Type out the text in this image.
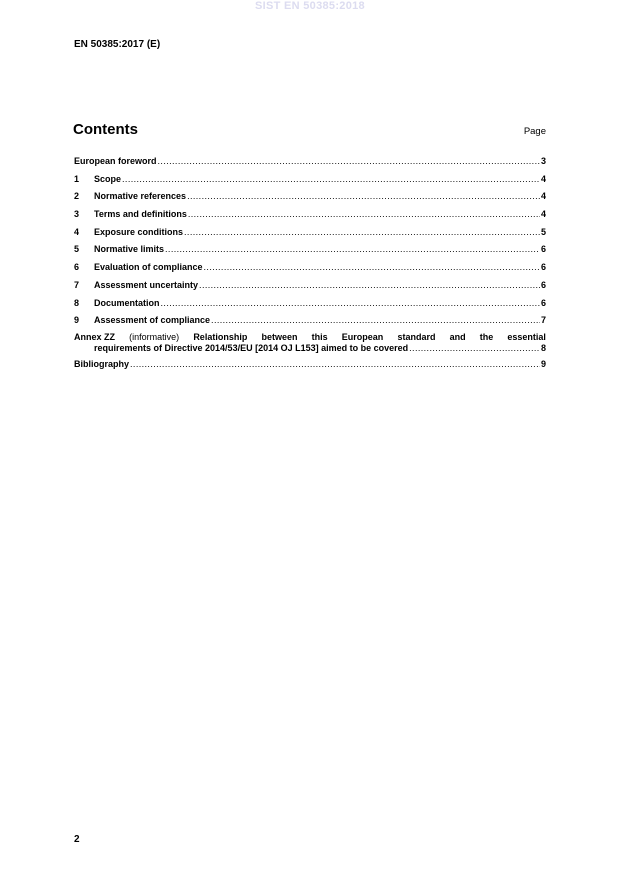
SIST EN 50385:2018
EN 50385:2017 (E)
Contents	Page
European foreword .....	3
1	Scope .....	4
2	Normative references .....	4
3	Terms and definitions .....	4
4	Exposure conditions .....	5
5	Normative limits .....	6
6	Evaluation of compliance .....	6
7	Assessment uncertainty .....	6
8	Documentation .....	6
9	Assessment of compliance .....	7
Annex ZZ (informative) Relationship between this European standard and the essential
requirements of Directive 2014/53/EU [2014 OJ L153] aimed to be covered .....	8
Bibliography .....	9
2
